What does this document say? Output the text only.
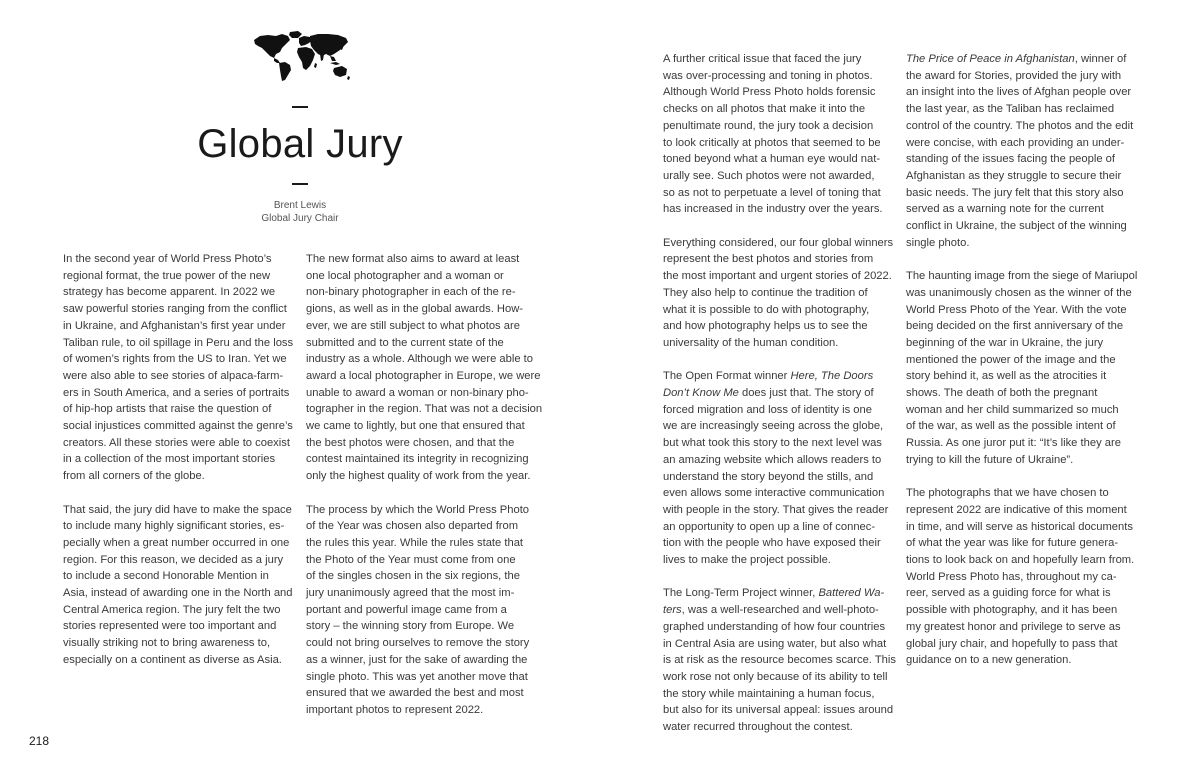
Global Jury
Brent Lewis
Global Jury Chair

In the second year of World Press Photo’s
regional format, the true power of the new
strategy has become apparent. In 2022 we
saw powerful stories ranging from the conflict
in Ukraine, and Afghanistan’s first year under
Taliban rule, to oil spillage in Peru and the loss
of women’s rights from the US to Iran. Yet we
were also able to see stories of alpaca-farm-
ers in South America, and a series of portraits
of hip-hop artists that raise the question of
social injustices committed against the genre’s
creators. All these stories were able to coexist
in a collection of the most important stories
from all corners of the globe.

That said, the jury did have to make the space
to include many highly significant stories, es-
pecially when a great number occurred in one
region. For this reason, we decided as a jury
to include a second Honorable Mention in
Asia, instead of awarding one in the North and
Central America region. The jury felt the two
stories represented were too important and
visually striking not to bring awareness to,
especially on a continent as diverse as Asia.

The new format also aims to award at least
one local photographer and a woman or
non-binary photographer in each of the re-
gions, as well as in the global awards. How-
ever, we are still subject to what photos are
submitted and to the current state of the
industry as a whole. Although we were able to
award a local photographer in Europe, we were
unable to award a woman or non-binary pho-
tographer in the region. That was not a decision
we came to lightly, but one that ensured that
the best photos were chosen, and that the
contest maintained its integrity in recognizing
only the highest quality of work from the year.

The process by which the World Press Photo
of the Year was chosen also departed from
the rules this year. While the rules state that
the Photo of the Year must come from one
of the singles chosen in the six regions, the
jury unanimously agreed that the most im-
portant and powerful image came from a
story – the winning story from Europe. We
could not bring ourselves to remove the story
as a winner, just for the sake of awarding the
single photo. This was yet another move that
ensured that we awarded the best and most
important photos to represent 2022.

A further critical issue that faced the jury
was over-processing and toning in photos.
Although World Press Photo holds forensic
checks on all photos that make it into the
penultimate round, the jury took a decision
to look critically at photos that seemed to be
toned beyond what a human eye would nat-
urally see. Such photos were not awarded,
so as not to perpetuate a level of toning that
has increased in the industry over the years.

Everything considered, our four global winners
represent the best photos and stories from
the most important and urgent stories of 2022.
They also help to continue the tradition of
what it is possible to do with photography,
and how photography helps us to see the
universality of the human condition.

The Open Format winner Here, The Doors
Don’t Know Me does just that. The story of
forced migration and loss of identity is one
we are increasingly seeing across the globe,
but what took this story to the next level was
an amazing website which allows readers to
understand the story beyond the stills, and
even allows some interactive communication
with people in the story. That gives the reader
an opportunity to open up a line of connec-
tion with the people who have exposed their
lives to make the project possible.

The Long-Term Project winner, Battered Wa-
ters, was a well-researched and well-photo-
graphed understanding of how four countries
in Central Asia are using water, but also what
is at risk as the resource becomes scarce. This
work rose not only because of its ability to tell
the story while maintaining a human focus,
but also for its universal appeal: issues around
water recurred throughout the contest.

The Price of Peace in Afghanistan, winner of
the award for Stories, provided the jury with
an insight into the lives of Afghan people over
the last year, as the Taliban has reclaimed
control of the country. The photos and the edit
were concise, with each providing an under-
standing of the issues facing the people of
Afghanistan as they struggle to secure their
basic needs. The jury felt that this story also
served as a warning note for the current
conflict in Ukraine, the subject of the winning
single photo.

The haunting image from the siege of Mariupol
was unanimously chosen as the winner of the
World Press Photo of the Year. With the vote
being decided on the first anniversary of the
beginning of the war in Ukraine, the jury
mentioned the power of the image and the
story behind it, as well as the atrocities it
shows. The death of both the pregnant
woman and her child summarized so much
of the war, as well as the possible intent of
Russia. As one juror put it: “It’s like they are
trying to kill the future of Ukraine”.

The photographs that we have chosen to
represent 2022 are indicative of this moment
in time, and will serve as historical documents
of what the year was like for future genera-
tions to look back on and hopefully learn from.
World Press Photo has, throughout my ca-
reer, served as a guiding force for what is
possible with photography, and it has been
my greatest honor and privilege to serve as
global jury chair, and hopefully to pass that
guidance on to a new generation.

218
